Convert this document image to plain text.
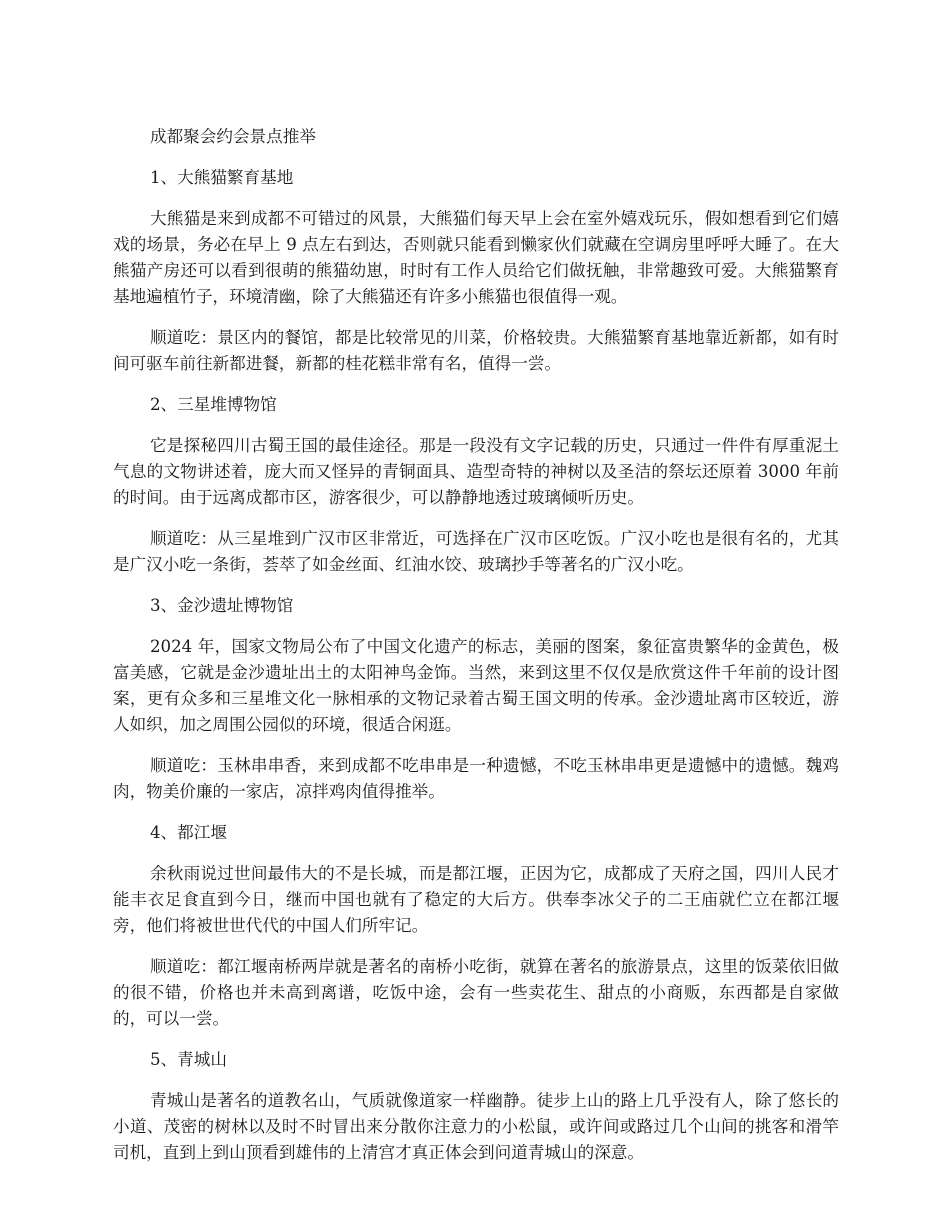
成都聚会约会景点推举

1、大熊猫繁育基地

大熊猫是来到成都不可错过的风景，大熊猫们每天早上会在室外嬉戏玩乐，假如想看到它们嬉戏的场景，务必在早上 9 点左右到达，否则就只能看到懒家伙们就藏在空调房里呼呼大睡了。在大熊猫产房还可以看到很萌的熊猫幼崽，时时有工作人员给它们做抚触，非常趣致可爱。大熊猫繁育基地遍植竹子，环境清幽，除了大熊猫还有许多小熊猫也很值得一观。

顺道吃：景区内的餐馆，都是比较常见的川菜，价格较贵。大熊猫繁育基地靠近新都，如有时间可驱车前往新都进餐，新都的桂花糕非常有名，值得一尝。

2、三星堆博物馆

它是探秘四川古蜀王国的最佳途径。那是一段没有文字记载的历史，只通过一件件有厚重泥土气息的文物讲述着，庞大而又怪异的青铜面具、造型奇特的神树以及圣洁的祭坛还原着 3000 年前的时间。由于远离成都市区，游客很少，可以静静地透过玻璃倾听历史。

顺道吃：从三星堆到广汉市区非常近，可选择在广汉市区吃饭。广汉小吃也是很有名的，尤其是广汉小吃一条街，荟萃了如金丝面、红油水饺、玻璃抄手等著名的广汉小吃。

3、金沙遗址博物馆

2024 年，国家文物局公布了中国文化遗产的标志，美丽的图案，象征富贵繁华的金黄色，极富美感，它就是金沙遗址出土的太阳神鸟金饰。当然，来到这里不仅仅是欣赏这件千年前的设计图案，更有众多和三星堆文化一脉相承的文物记录着古蜀王国文明的传承。金沙遗址离市区较近，游人如织，加之周围公园似的环境，很适合闲逛。

顺道吃：玉林串串香，来到成都不吃串串是一种遗憾，不吃玉林串串更是遗憾中的遗憾。魏鸡肉，物美价廉的一家店，凉拌鸡肉值得推举。

4、都江堰

余秋雨说过世间最伟大的不是长城，而是都江堰，正因为它，成都成了天府之国，四川人民才能丰衣足食直到今日，继而中国也就有了稳定的大后方。供奉李冰父子的二王庙就伫立在都江堰旁，他们将被世世代代的中国人们所牢记。

顺道吃：都江堰南桥两岸就是著名的南桥小吃街，就算在著名的旅游景点，这里的饭菜依旧做的很不错，价格也并未高到离谱，吃饭中途，会有一些卖花生、甜点的小商贩，东西都是自家做的，可以一尝。

5、青城山

青城山是著名的道教名山，气质就像道家一样幽静。徒步上山的路上几乎没有人，除了悠长的小道、茂密的树林以及时不时冒出来分散你注意力的小松鼠，或许间或路过几个山间的挑客和滑竿司机，直到上到山顶看到雄伟的上清宫才真正体会到问道青城山的深意。
